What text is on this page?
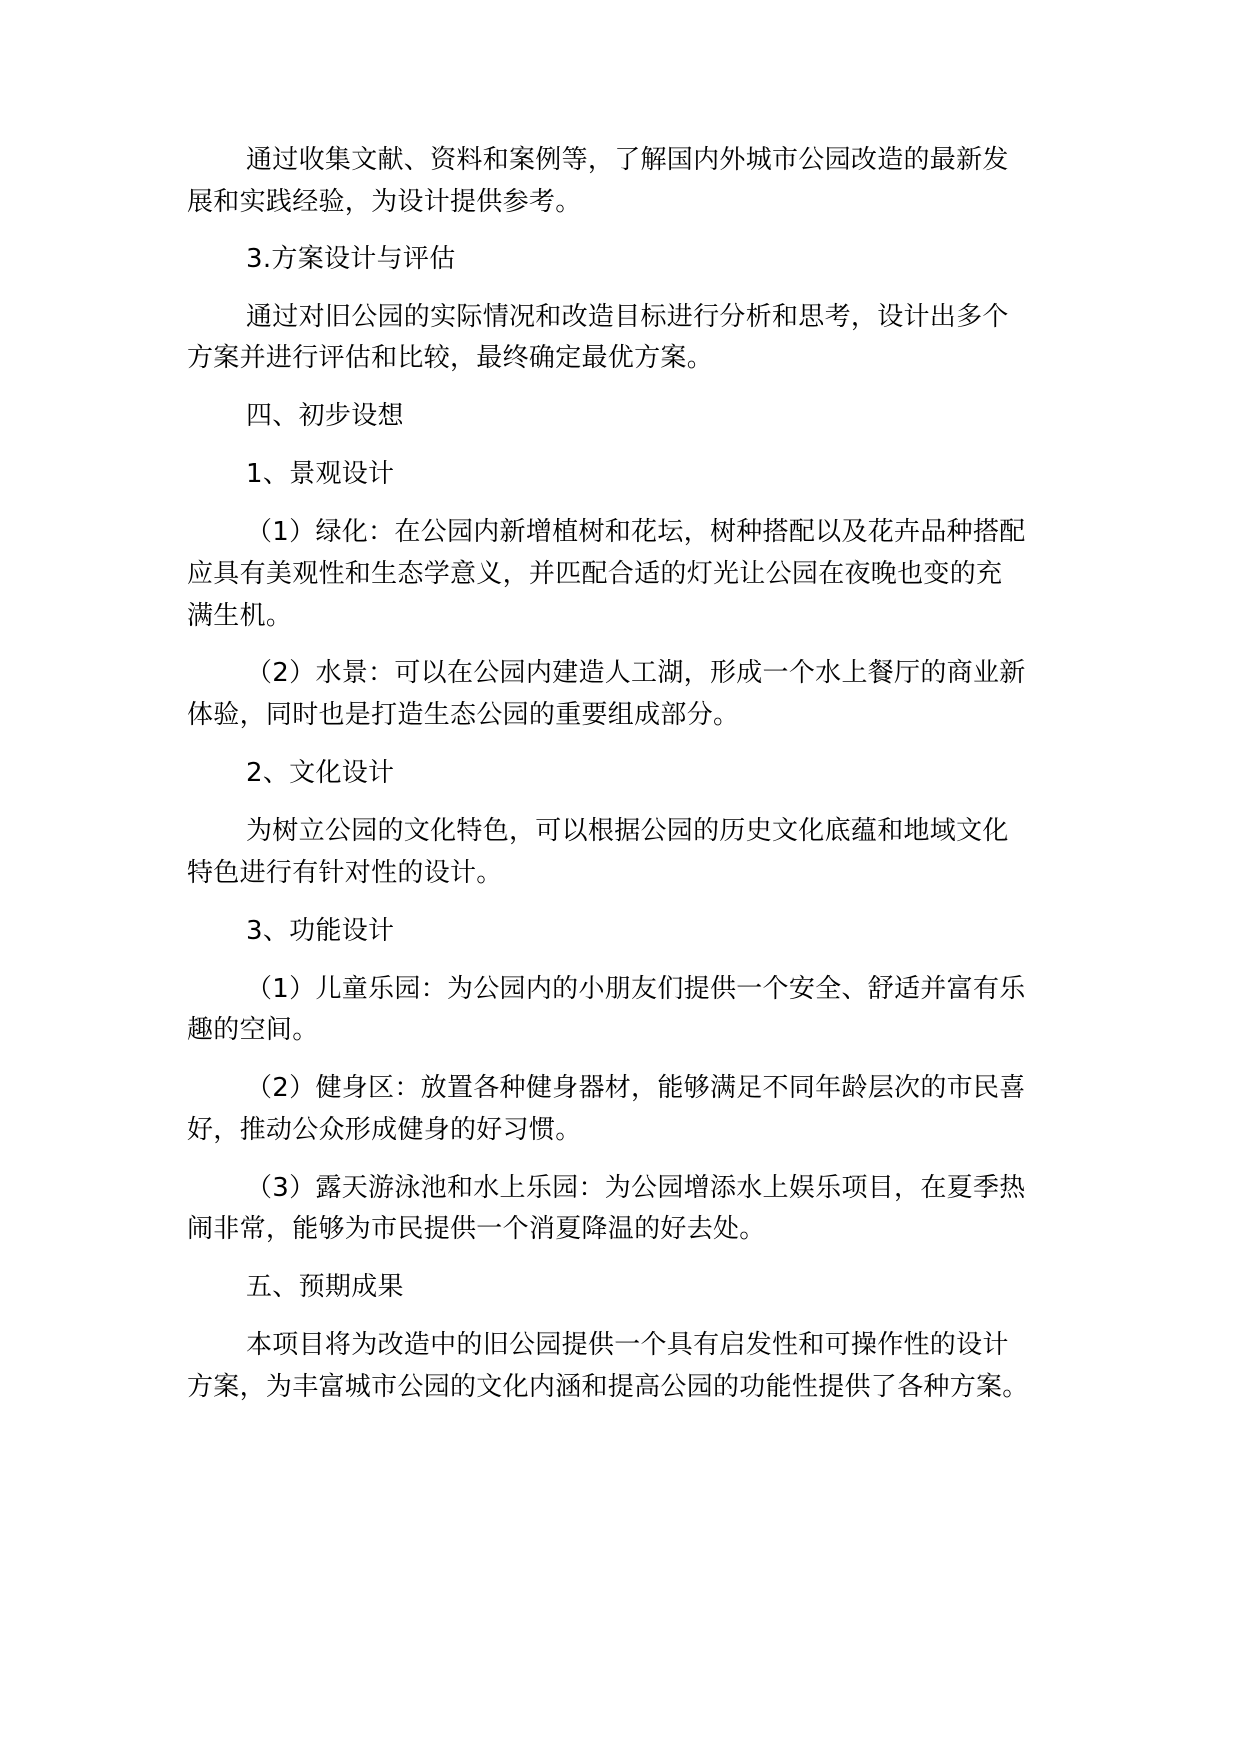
通过收集文献、资料和案例等，了解国内外城市公园改造的最新发
展和实践经验，为设计提供参考。
3.方案设计与评估
通过对旧公园的实际情况和改造目标进行分析和思考，设计出多个
方案并进行评估和比较，最终确定最优方案。
四、初步设想
1、景观设计
（1）绿化：在公园内新增植树和花坛，树种搭配以及花卉品种搭配
应具有美观性和生态学意义，并匹配合适的灯光让公园在夜晚也变的充
满生机。
（2）水景：可以在公园内建造人工湖，形成一个水上餐厅的商业新
体验，同时也是打造生态公园的重要组成部分。
2、文化设计
为树立公园的文化特色，可以根据公园的历史文化底蕴和地域文化
特色进行有针对性的设计。
3、功能设计
（1）儿童乐园：为公园内的小朋友们提供一个安全、舒适并富有乐
趣的空间。
（2）健身区：放置各种健身器材，能够满足不同年龄层次的市民喜
好，推动公众形成健身的好习惯。
（3）露天游泳池和水上乐园：为公园增添水上娱乐项目，在夏季热
闹非常，能够为市民提供一个消夏降温的好去处。
五、预期成果
本项目将为改造中的旧公园提供一个具有启发性和可操作性的设计
方案，为丰富城市公园的文化内涵和提高公园的功能性提供了各种方案。
